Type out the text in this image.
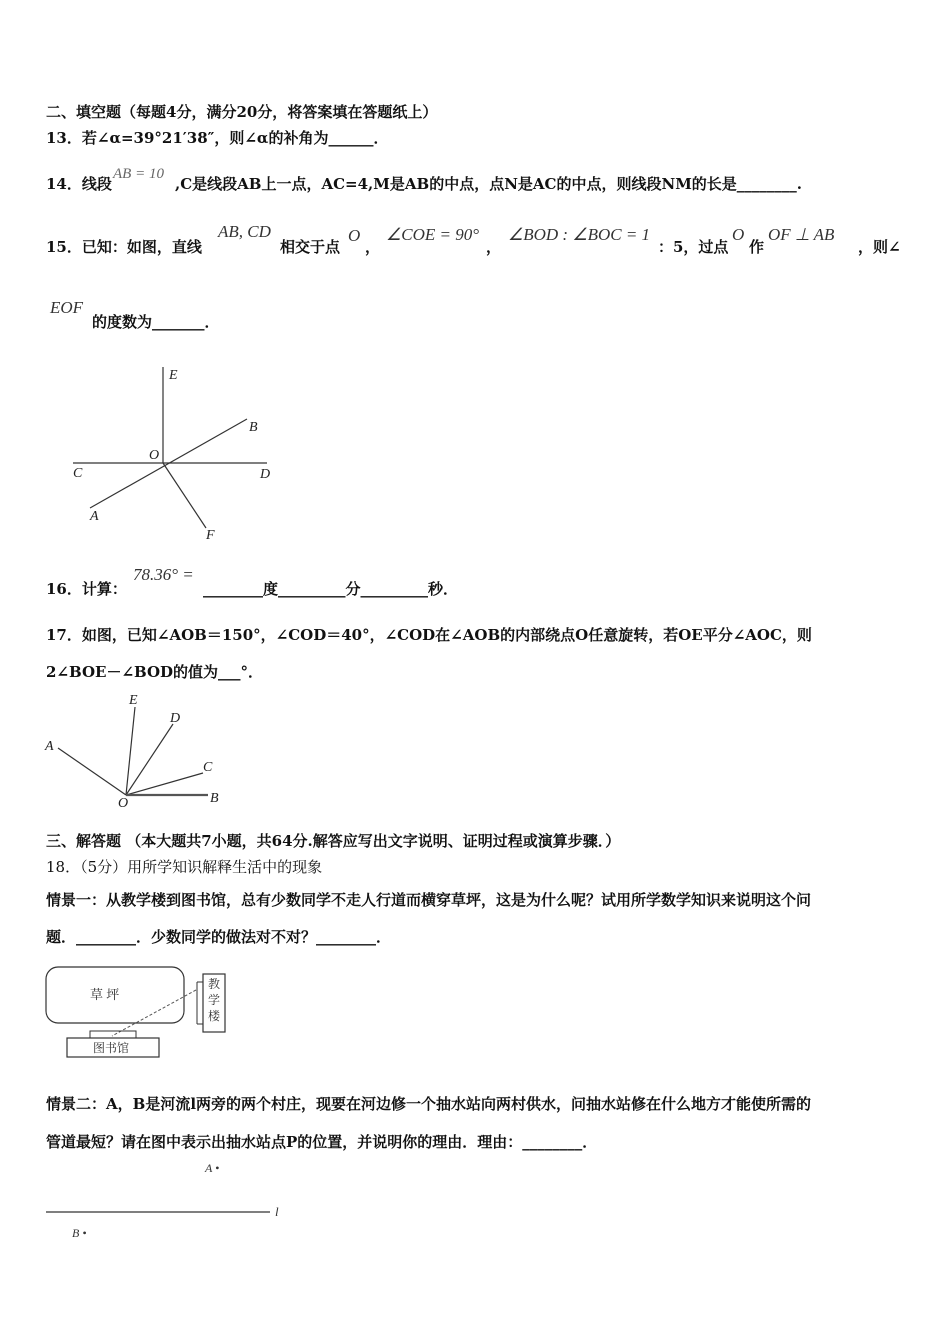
二、填空题（每题4分，满分20分，将答案填在答题纸上）
13．若∠α=39°21′38″，则∠α的补角为______．
14．线段
AB = 10
,C是线段AB上一点，AC=4,M是AB的中点，点N是AC的中点，则线段NM的长是________.
15．已知：如图，直线
AB, CD
相交于点
O
，
∠COE = 90°
，
∠BOD : ∠BOC = 1
：5，过点
O
作
OF ⊥ AB
，则∠
EOF
的度数为_______．
E
B
O
C	D
A
F
16．计算：
78.36° =
________度_________分_________秒．
17．如图，已知∠AOB＝150°，∠COD＝40°，∠COD在∠AOB的内部绕点O任意旋转，若OE平分∠AOC，则
2∠BOE－∠BOD的值为___°．
E
D
A
C
O	B
三、解答题 （本大题共7小题，共64分.解答应写出文字说明、证明过程或演算步骤．）
18．（5分）用所学知识解释生活中的现象
情景一：从教学楼到图书馆，总有少数同学不走人行道而横穿草坪，这是为什么呢？试用所学数学知识来说明这个问
题．________．少数同学的做法对不对？________．
草 坪
教
学
楼
图书馆
情景二：A，B是河流l两旁的两个村庄，现要在河边修一个抽水站向两村供水，问抽水站修在什么地方才能使所需的
管道最短？请在图中表示出抽水站点P的位置，并说明你的理由．理由：________．
A •
l
B •
